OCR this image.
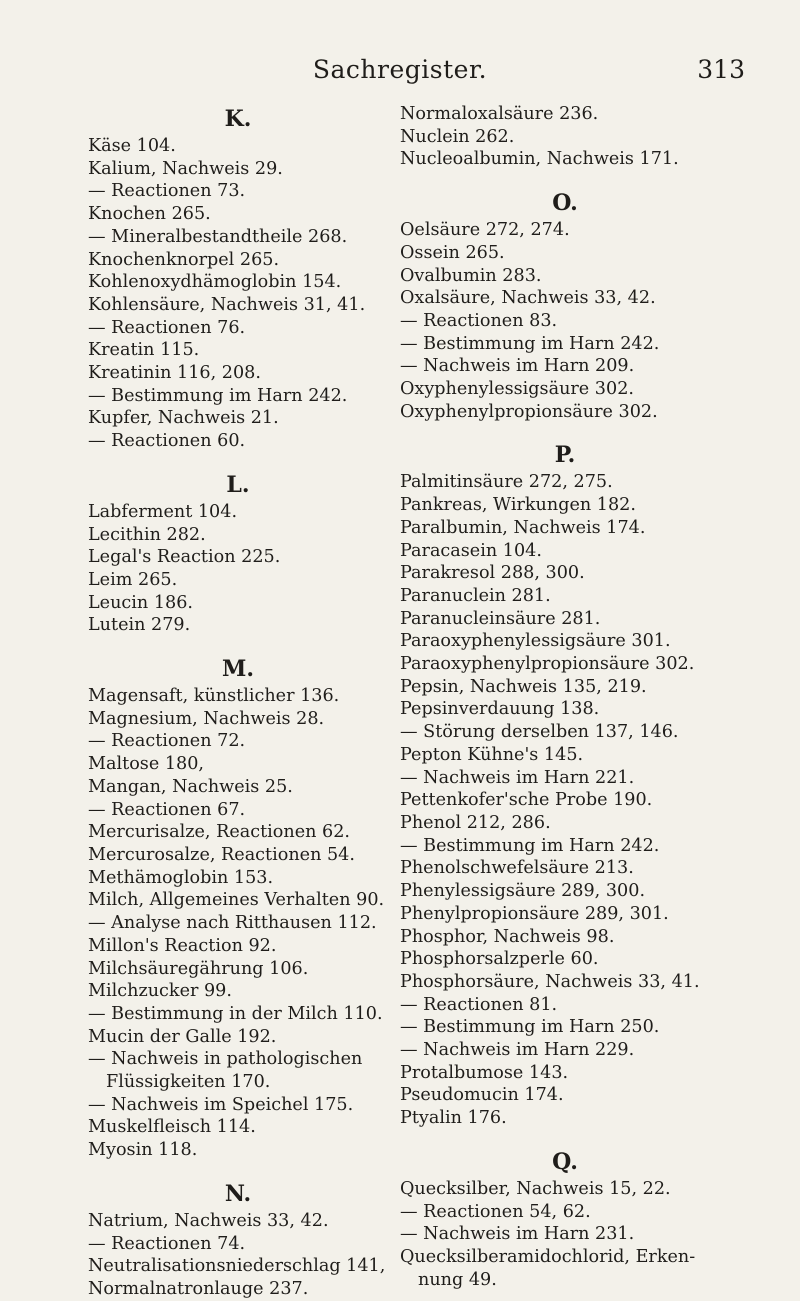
Sachregister.	313
K.
Käse 104.
Kalium, Nachweis 29.
— Reactionen 73.
Knochen 265.
— Mineralbestandtheile 268.
Knochenknorpel 265.
Kohlenoxydhämoglobin 154.
Kohlensäure, Nachweis 31, 41.
— Reactionen 76.
Kreatin 115.
Kreatinin 116, 208.
— Bestimmung im Harn 242.
Kupfer, Nachweis 21.
— Reactionen 60.
L.
Labferment 104.
Lecithin 282.
Legal's Reaction 225.
Leim 265.
Leucin 186.
Lutein 279.
M.
Magensaft, künstlicher 136.
Magnesium, Nachweis 28.
— Reactionen 72.
Maltose 180,
Mangan, Nachweis 25.
— Reactionen 67.
Mercurisalze, Reactionen 62.
Mercurosalze, Reactionen 54.
Methämoglobin 153.
Milch, Allgemeines Verhalten 90.
— Analyse nach Ritthausen 112.
Millon's Reaction 92.
Milchsäuregährung 106.
Milchzucker 99.
— Bestimmung in der Milch 110.
Mucin der Galle 192.
— Nachweis in pathologischen
Flüssigkeiten 170.
— Nachweis im Speichel 175.
Muskelfleisch 114.
Myosin 118.
N.
Natrium, Nachweis 33, 42.
— Reactionen 74.
Neutralisationsniederschlag 141,
Normalnatronlauge 237.
Normaloxalsäure 236.
Nuclein 262.
Nucleoalbumin, Nachweis 171.
O.
Oelsäure 272, 274.
Ossein 265.
Ovalbumin 283.
Oxalsäure, Nachweis 33, 42.
— Reactionen 83.
— Bestimmung im Harn 242.
— Nachweis im Harn 209.
Oxyphenylessigsäure 302.
Oxyphenylpropionsäure 302.
P.
Palmitinsäure 272, 275.
Pankreas, Wirkungen 182.
Paralbumin, Nachweis 174.
Paracasein 104.
Parakresol 288, 300.
Paranuclein 281.
Paranucleinsäure 281.
Paraoxyphenylessigsäure 301.
Paraoxyphenylpropionsäure 302.
Pepsin, Nachweis 135, 219.
Pepsinverdauung 138.
— Störung derselben 137, 146.
Pepton Kühne's 145.
— Nachweis im Harn 221.
Pettenkofer'sche Probe 190.
Phenol 212, 286.
— Bestimmung im Harn 242.
Phenolschwefelsäure 213.
Phenylessigsäure 289, 300.
Phenylpropionsäure 289, 301.
Phosphor, Nachweis 98.
Phosphorsalzperle 60.
Phosphorsäure, Nachweis 33, 41.
— Reactionen 81.
— Bestimmung im Harn 250.
— Nachweis im Harn 229.
Protalbumose 143.
Pseudomucin 174.
Ptyalin 176.
Q.
Quecksilber, Nachweis 15, 22.
— Reactionen 54, 62.
— Nachweis im Harn 231.
Quecksilberamidochlorid, Erken-
nung 49.
